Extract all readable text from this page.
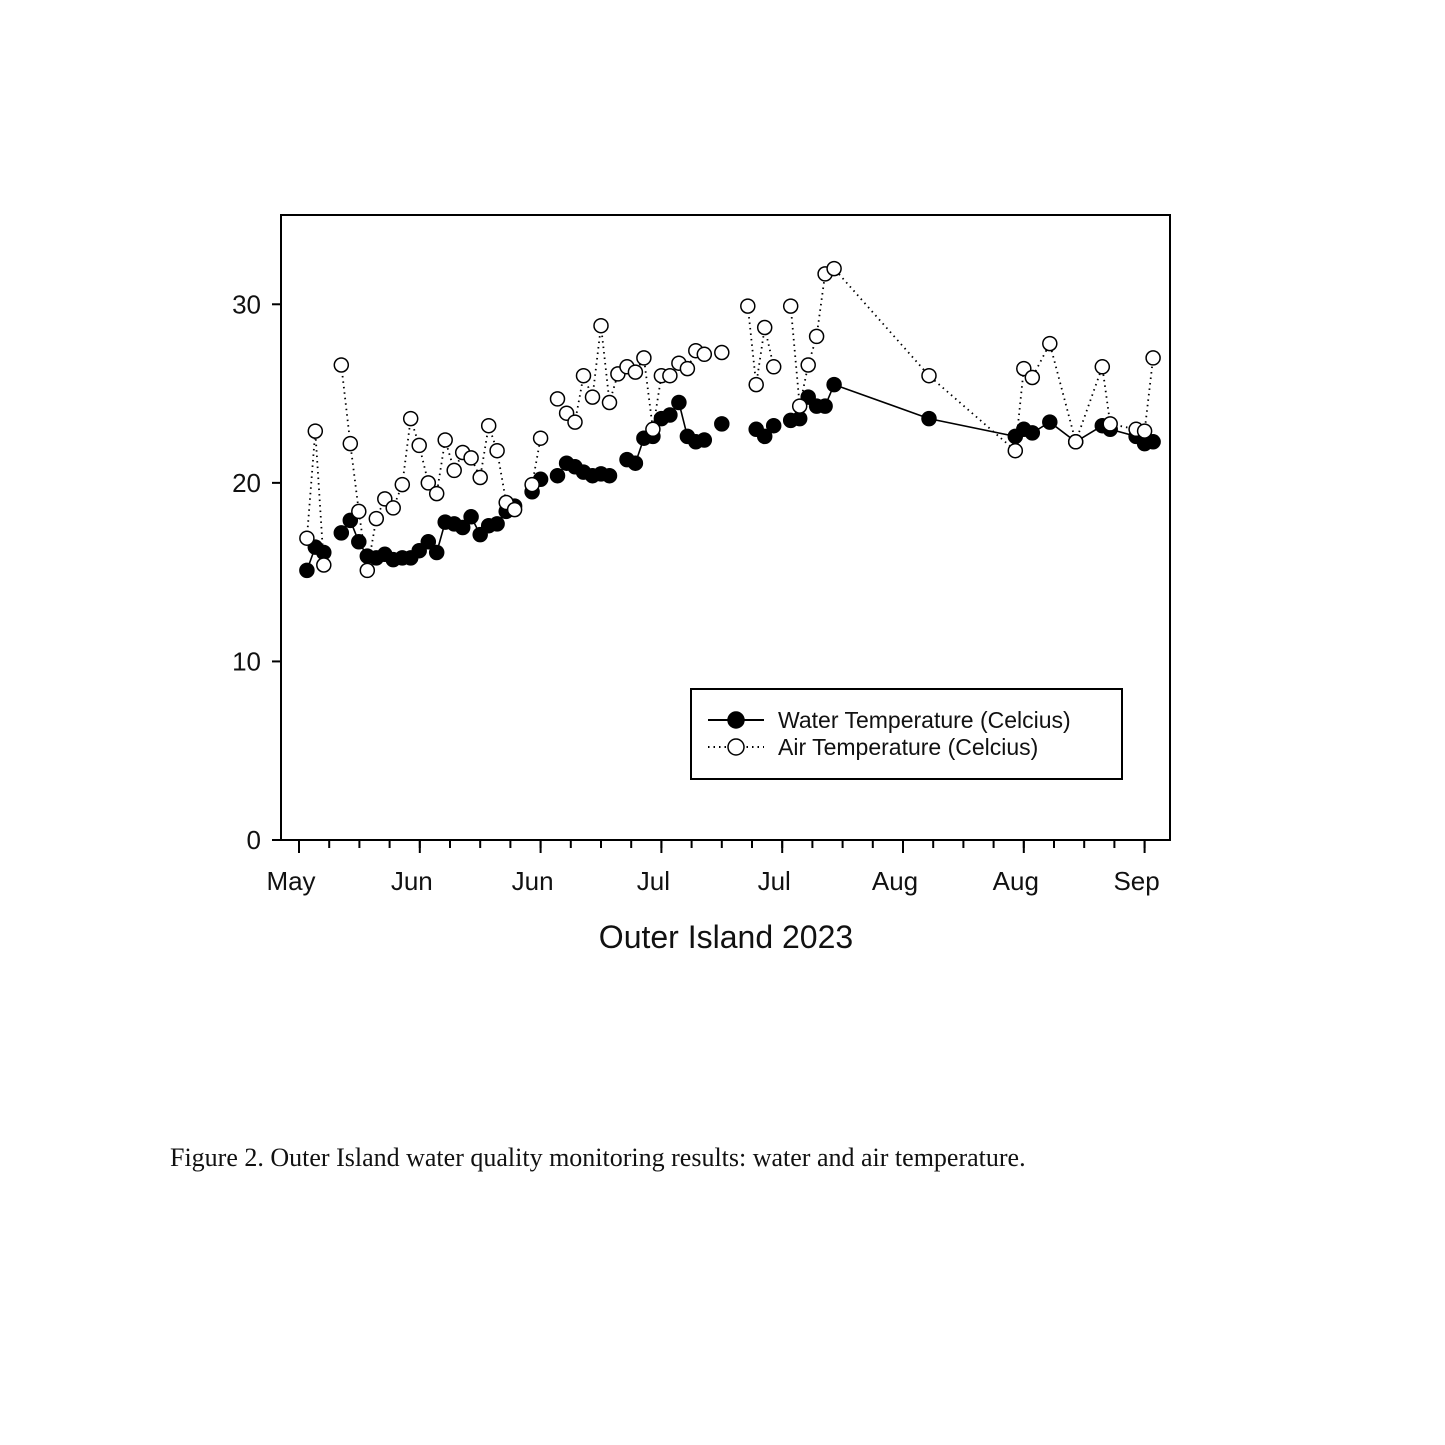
0
10
20
30
May	Jun	Jun	Jul	Jul	Aug	Aug	Sep
Outer Island 2023
Water Temperature (Celcius)
Air Temperature (Celcius)
Figure 2. Outer Island water quality monitoring results: water and air temperature.
